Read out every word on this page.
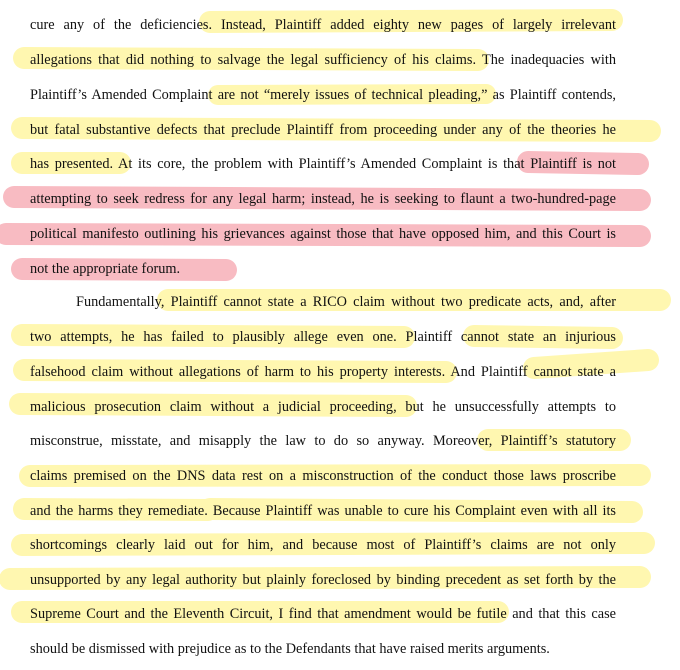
cure any of the deficiencies. Instead, Plaintiff added eighty new pages of largely irrelevant
allegations that did nothing to salvage the legal sufficiency of his claims. The inadequacies with
Plaintiff’s Amended Complaint are not “merely issues of technical pleading,” as Plaintiff contends,
but fatal substantive defects that preclude Plaintiff from proceeding under any of the theories he
has presented. At its core, the problem with Plaintiff’s Amended Complaint is that Plaintiff is not
attempting to seek redress for any legal harm; instead, he is seeking to flaunt a two-hundred-page
political manifesto outlining his grievances against those that have opposed him, and this Court is
not the appropriate forum.
Fundamentally, Plaintiff cannot state a RICO claim without two predicate acts, and, after
two attempts, he has failed to plausibly allege even one. Plaintiff cannot state an injurious
falsehood claim without allegations of harm to his property interests. And Plaintiff cannot state a
malicious prosecution claim without a judicial proceeding, but he unsuccessfully attempts to
misconstrue, misstate, and misapply the law to do so anyway. Moreover, Plaintiff’s statutory
claims premised on the DNS data rest on a misconstruction of the conduct those laws proscribe
and the harms they remediate. Because Plaintiff was unable to cure his Complaint even with all its
shortcomings clearly laid out for him, and because most of Plaintiff’s claims are not only
unsupported by any legal authority but plainly foreclosed by binding precedent as set forth by the
Supreme Court and the Eleventh Circuit, I find that amendment would be futile and that this case
should be dismissed with prejudice as to the Defendants that have raised merits arguments.
